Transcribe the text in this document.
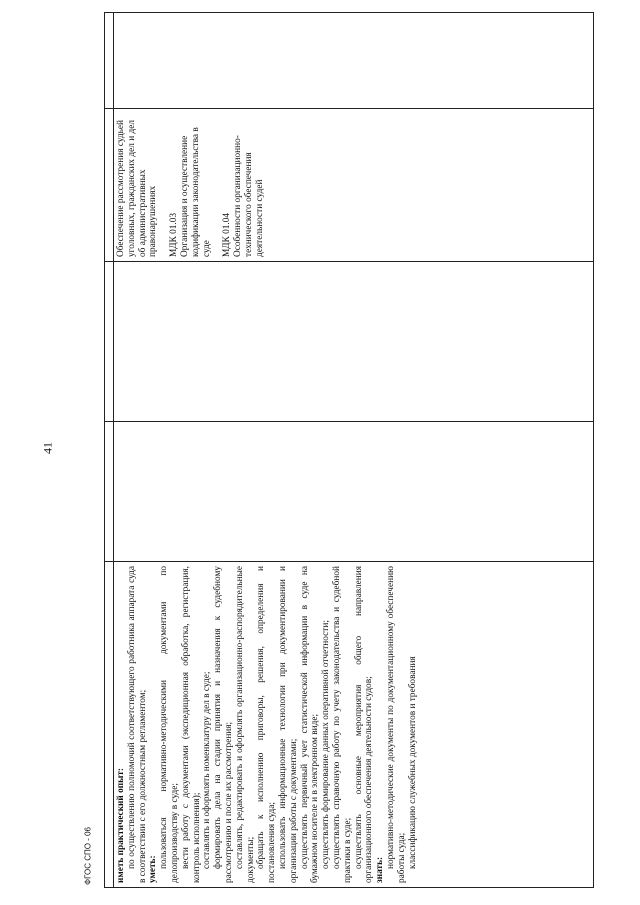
41
ФГОС СПО - 06	иметь практический опыт: по осуществлению полномочий соответствующего работника аппарата суда в соответствии с его должностным регламентом; уметь:

пользоваться нормативно-методическими документами по делопроизводству в суде; вести работу с документами (экспедиционная обработка, регистрация, контроль исполнения); составлять и оформлять номенклатуру дел в суде; формировать дела на стадии принятия и назначения к судебному рассмотрению и после их рассмотрения; составлять, редактировать и оформлять организационно-распорядительные документы; обращать к исполнению приговоры, решения, определения и постановления суда; использовать информационные технологии при документировании и организации работы с документами; осуществлять первичный учет статистической информации в суде на бумажном носителе и в электронном виде; осуществлять формирование данных оперативной отчетности; осуществлять справочную работу по учету законодательства и судебной практики в суде; осуществлять основные мероприятия общего направления организационного обеспечения деятельности судов; знать:

нормативно-методические документы по документационному обеспечению работы суда; классификацию служебных документов и требования

Обеспечение рассмотрения судьей уголовных, гражданских дел и дел об административных правонарушениях МДК 01.03 Организация и осуществление кодификации законодательства в суде МДК 01.04 Особенности организационно-технического обеспечения деятельности судей
